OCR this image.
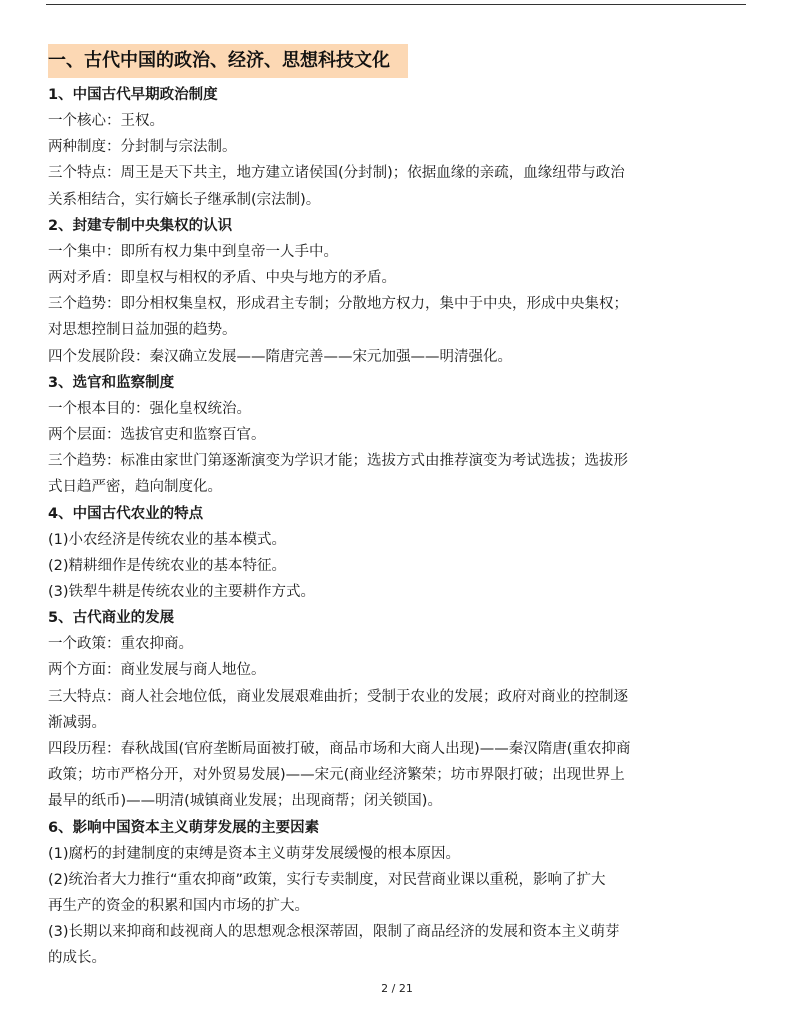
一、古代中国的政治、经济、思想科技文化
1、中国古代早期政治制度
一个核心：王权。
两种制度：分封制与宗法制。
三个特点：周王是天下共主，地方建立诸侯国(分封制)；依据血缘的亲疏，血缘纽带与政治
关系相结合，实行嫡长子继承制(宗法制)。
2、封建专制中央集权的认识
一个集中：即所有权力集中到皇帝一人手中。
两对矛盾：即皇权与相权的矛盾、中央与地方的矛盾。
三个趋势：即分相权集皇权，形成君主专制；分散地方权力，集中于中央，形成中央集权；
对思想控制日益加强的趋势。
四个发展阶段：秦汉确立发展——隋唐完善——宋元加强——明清强化。
3、选官和监察制度
一个根本目的：强化皇权统治。
两个层面：选拔官吏和监察百官。
三个趋势：标准由家世门第逐渐演变为学识才能；选拔方式由推荐演变为考试选拔；选拔形
式日趋严密，趋向制度化。
4、中国古代农业的特点
(1)小农经济是传统农业的基本模式。
(2)精耕细作是传统农业的基本特征。
(3)铁犁牛耕是传统农业的主要耕作方式。
5、古代商业的发展
一个政策：重农抑商。
两个方面：商业发展与商人地位。
三大特点：商人社会地位低，商业发展艰难曲折；受制于农业的发展；政府对商业的控制逐
渐减弱。
四段历程：春秋战国(官府垄断局面被打破，商品市场和大商人出现)——秦汉隋唐(重农抑商
政策；坊市严格分开，对外贸易发展)——宋元(商业经济繁荣；坊市界限打破；出现世界上
最早的纸币)——明清(城镇商业发展；出现商帮；闭关锁国)。
6、影响中国资本主义萌芽发展的主要因素
(1)腐朽的封建制度的束缚是资本主义萌芽发展缓慢的根本原因。
(2)统治者大力推行“重农抑商”政策，实行专卖制度，对民营商业课以重税，影响了扩大
再生产的资金的积累和国内市场的扩大。
(3)长期以来抑商和歧视商人的思想观念根深蒂固，限制了商品经济的发展和资本主义萌芽
的成长。
2 / 21
